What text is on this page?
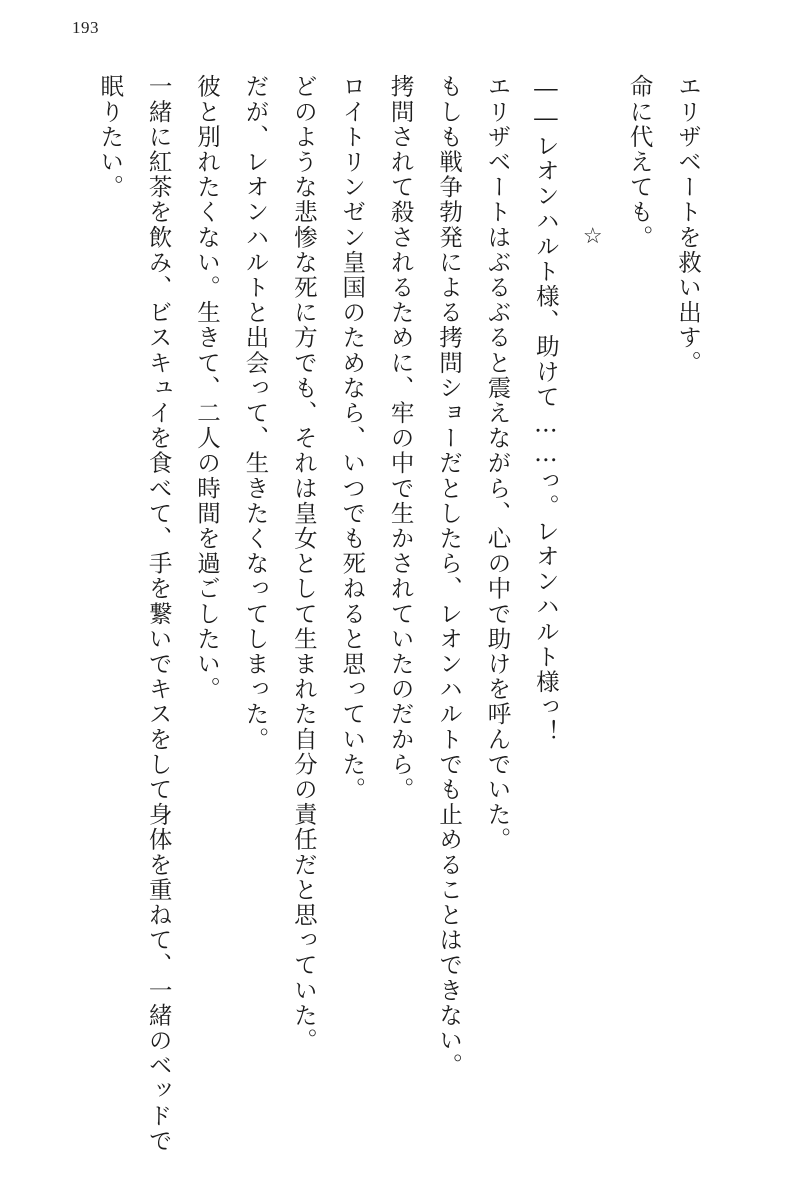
193

エリザベートを救い出す。

命に代えても。

☆

――レオンハルト様、助けて……っ。レオンハルト様っ！

エリザベートはぶるぶると震えながら、心の中で助けを呼んでいた。

もしも戦争勃発による拷問ショーだとしたら、レオンハルトでも止めることはできない。

拷問されて殺されるために、牢の中で生かされていたのだから。

ロイトリンゼン皇国のためなら、いつでも死ねると思っていた。

どのような悲惨な死に方でも、それは皇女として生まれた自分の責任だと思っていた。

だが、レオンハルトと出会って、生きたくなってしまった。

彼と別れたくない。生きて、二人の時間を過ごしたい。

一緒に紅茶を飲み、ビスキュイを食べて、手を繋いでキスをして身体を重ねて、一緒のベッドで眠りたい。
